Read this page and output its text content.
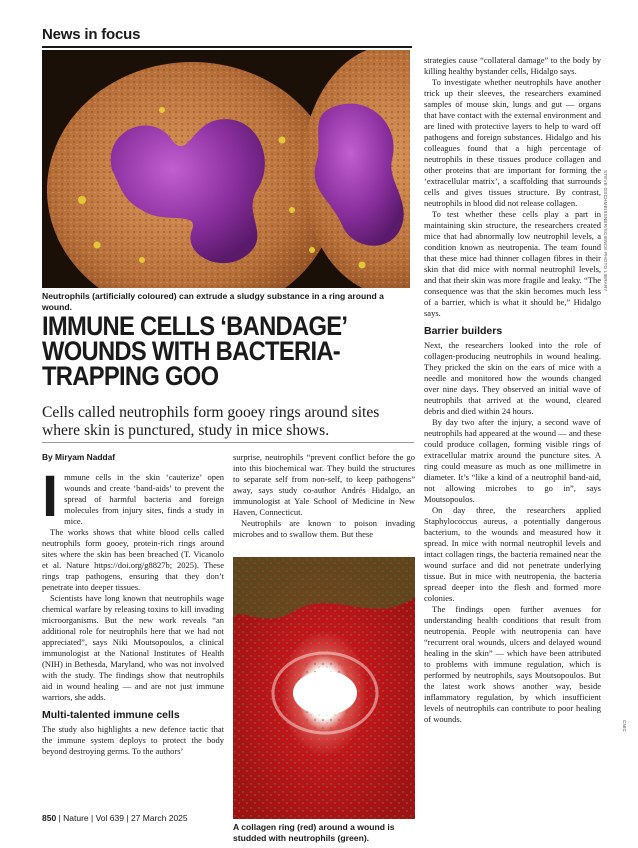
News in focus
STEVE GSCHMEISSNER/SCIENCE PHOTO LIBRARY
Neutrophils (artificially coloured) can extrude a sludgy substance in a ring around a wound.
IMMUNE CELLS ‘BANDAGE’
WOUNDS WITH BACTERIA-
TRAPPING GOO
Cells called neutrophils form gooey rings around sites where skin is punctured, study in mice shows.
By Miryam Naddaf
I mmune cells in the skin ‘cauterize’ open wounds and create ‘band-aids’ to prevent the spread of harmful bacteria and foreign molecules from injury sites, finds a study in mice.

The works shows that white blood cells called neutrophils form gooey, protein-rich rings around sites where the skin has been breached (T. Vicanolo et al. Nature https://doi.org/g8827b; 2025). These rings trap pathogens, ensuring that they don’t penetrate into deeper tissues.

Scientists have long known that neutrophils wage chemical warfare by releasing toxins to kill invading microorganisms. But the new work reveals “an additional role for neutrophils here that we had not appreciated”, says Niki Moutsopoulos, a clinical immunologist at the National Institutes of Health (NIH) in Bethesda, Maryland, who was not involved with the study. The findings show that neutrophils aid in wound healing — and are not just immune warriors, she adds.

Multi-talented immune cells

The study also highlights a new defence tactic that the immune system deploys to protect the body beyond destroying germs. To the authors’

surprise, neutrophils “prevent conflict before the go into this biochemical war. They build the structures to separate self from non-self, to keep pathogens” away, says study co-author Andrés Hidalgo, an immunologist at Yale School of Medicine in New Haven, Connecticut.

Neutrophils are known to poison invading microbes and to swallow them. But these

A collagen ring (red) around a wound is studded with neutrophils (green).
CNIC

strategies cause “collateral damage” to the body by killing healthy bystander cells, Hidalgo says.

To investigate whether neutrophils have another trick up their sleeves, the researchers examined samples of mouse skin, lungs and gut — organs that have contact with the external environment and are lined with protective layers to help to ward off pathogens and foreign substances. Hidalgo and his colleagues found that a high percentage of neutrophils in these tissues produce collagen and other proteins that are important for forming the ‘extracellular matrix’, a scaffolding that surrounds cells and gives tissues structure. By contrast, neutrophils in blood did not release collagen.

To test whether these cells play a part in maintaining skin structure, the researchers created mice that had abnormally low neutrophil levels, a condition known as neutropenia. The team found that these mice had thinner collagen fibres in their skin that did mice with normal neutrophil levels, and that their skin was more fragile and leaky. “The consequence was that the skin becomes much less of a barrier, which is what it should be,” Hidalgo says.

Barrier builders

Next, the researchers looked into the role of collagen-producing neutrophils in wound healing. They pricked the skin on the ears of mice with a needle and monitored how the wounds changed over nine days. They observed an initial wave of neutrophils that arrived at the wound, cleared debris and died within 24 hours.

By day two after the injury, a second wave of neutrophils had appeared at the wound — and these could produce collagen, forming visible rings of extracellular matrix around the puncture sites. A ring could measure as much as one millimetre in diameter. It’s “like a kind of a neutrophil band-aid, not allowing microbes to go in”, says Moutsopoulos.

On day three, the researchers applied Staphylococcus aureus, a potentially dangerous bacterium, to the wounds and measured how it spread. In mice with normal neutrophil levels and intact collagen rings, the bacteria remained near the wound surface and did not penetrate underlying tissue. But in mice with neutropenia, the bacteria spread deeper into the flesh and formed more colonies.

The findings open further avenues for understanding health conditions that result from neutropenia. People with neutropenia can have “recurrent oral wounds, ulcers and delayed wound healing in the skin” — which have been attributed to problems with immune regulation, which is performed by neutrophils, says Moutsopoulos. But the latest work shows another way, beside inflammatory regulation, by which insufficient levels of neutrophils can contribute to poor healing of wounds.

850 | Nature | Vol 639 | 27 March 2025
